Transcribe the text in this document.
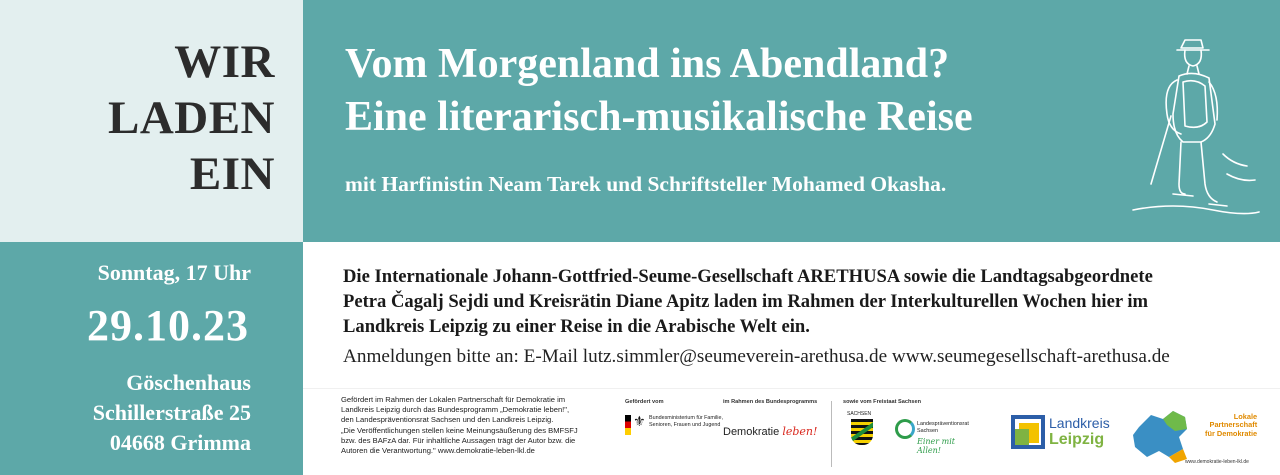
WIR
LADEN
EIN
Vom Morgenland ins Abendland?
Eine literarisch-musikalische Reise
mit Harfinistin Neam Tarek und Schriftsteller Mohamed Okasha.
Sonntag, 17 Uhr
29.10.23
Göschenhaus
Schillerstraße 25
04668 Grimma
Die Internationale Johann-Gottfried-Seume-Gesellschaft ARETHUSA sowie die Landtagsabgeordnete
Petra Čagalj Sejdi und Kreisrätin Diane Apitz laden im Rahmen der Interkulturellen Wochen hier im
Landkreis Leipzig zu einer Reise in die Arabische Welt ein.
Anmeldungen bitte an: E-Mail lutz.simmler@seumeverein-arethusa.de www.seumegesellschaft-arethusa.de
Gefördert im Rahmen der Lokalen Partnerschaft für Demokratie im
Landkreis Leipzig durch das Bundesprogramm „Demokratie leben!",
den Landespräventionsrat Sachsen und den Landkreis Leipzig.
„Die Veröffentlichungen stellen keine Meinungsäußerung des BMFSFJ
bzw. des BAFzA dar. Für inhaltliche Aussagen trägt der Autor bzw. die
Autoren die Verantwortung." www.demokratie-leben-lkl.de
Gefördert vom	im Rahmen des Bundesprogramms	sowie vom Freistaat Sachsen
⚜ Bundesministerium für Familie, Senioren, Frauen und Jugend
Demokratie leben!
SACHSEN
Landespräventionsrat Sachsen
Einer mit Allen!
Landkreis
Leipzig
Lokale
Partnerschaft
für Demokratie
www.demokratie-leben-lkl.de
